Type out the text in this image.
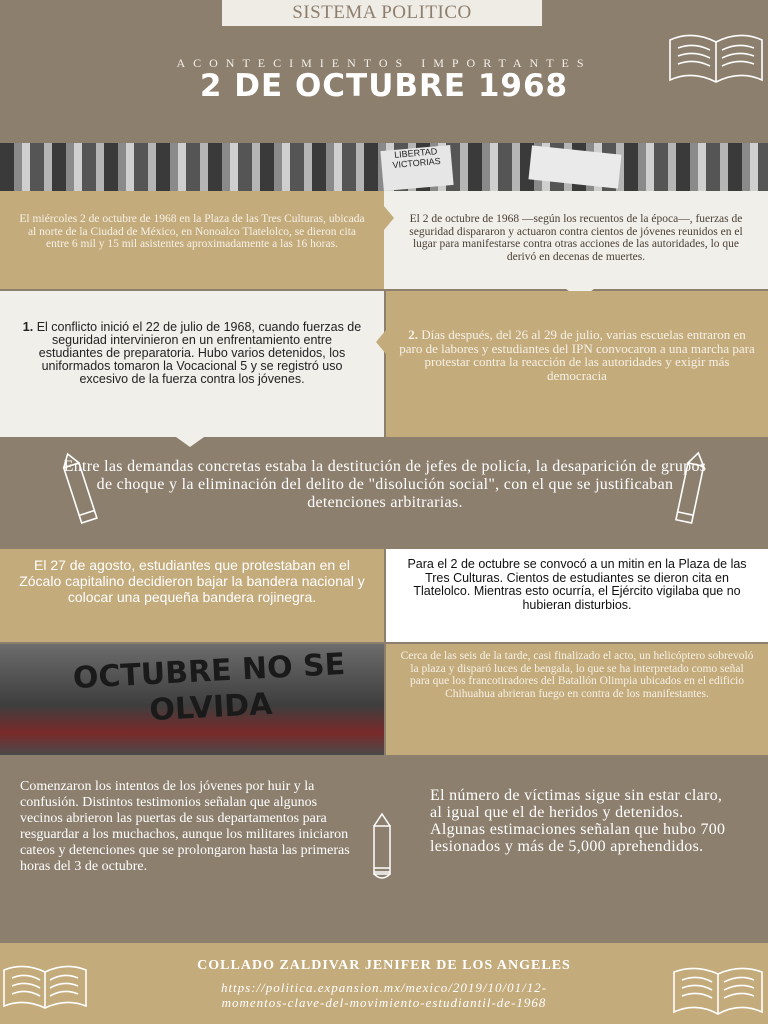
SISTEMA POLITICO
ACONTECIMIENTOS IMPORTANTES
2 DE OCTUBRE 1968
LIBERTAD VICTORIAS
El miércoles 2 de octubre de 1968 en la Plaza de las Tres Culturas, ubicada al norte de la Ciudad de México, en Nonoalco Tlatelolco, se dieron cita entre 6 mil y 15 mil asistentes aproximadamente a las 16 horas.
El 2 de octubre de 1968 —según los recuentos de la época—, fuerzas de seguridad dispararon y actuaron contra cientos de jóvenes reunidos en el lugar para manifestarse contra otras acciones de las autoridades, lo que derivó en decenas de muertes.
1. El conflicto inició el 22 de julio de 1968, cuando fuerzas de seguridad intervinieron en un enfrentamiento entre estudiantes de preparatoria. Hubo varios detenidos, los uniformados tomaron la Vocacional 5 y se registró uso excesivo de la fuerza contra los jóvenes.
2. Días después, del 26 al 29 de julio, varias escuelas entraron en paro de labores y estudiantes del IPN convocaron a una marcha para protestar contra la reacción de las autoridades y exigir más democracia
Entre las demandas concretas estaba la destitución de jefes de policía, la desaparición de grupos de choque y la eliminación del delito de "disolución social", con el que se justificaban detenciones arbitrarias.
El 27 de agosto, estudiantes que protestaban en el Zócalo capitalino decidieron bajar la bandera nacional y colocar una pequeña bandera rojinegra.
Para el 2 de octubre se convocó a un mitin en la Plaza de las Tres Culturas. Cientos de estudiantes se dieron cita en Tlatelolco. Mientras esto ocurría, el Ejército vigilaba que no hubieran disturbios.
OCTUBRE NO SE OLVIDA
Cerca de las seis de la tarde, casi finalizado el acto, un helicóptero sobrevoló la plaza y disparó luces de bengala, lo que se ha interpretado como señal para que los francotiradores del Batallón Olimpia ubicados en el edificio Chihuahua abrieran fuego en contra de los manifestantes.
Comenzaron los intentos de los jóvenes por huir y la confusión. Distintos testimonios señalan que algunos vecinos abrieron las puertas de sus departamentos para resguardar a los muchachos, aunque los militares iniciaron cateos y detenciones que se prolongaron hasta las primeras horas del 3 de octubre.
El número de víctimas sigue sin estar claro, al igual que el de heridos y detenidos. Algunas estimaciones señalan que hubo 700 lesionados y más de 5,000 aprehendidos.
COLLADO ZALDIVAR JENIFER DE LOS ANGELES
https://politica.expansion.mx/mexico/2019/10/01/12-
momentos-clave-del-movimiento-estudiantil-de-1968
